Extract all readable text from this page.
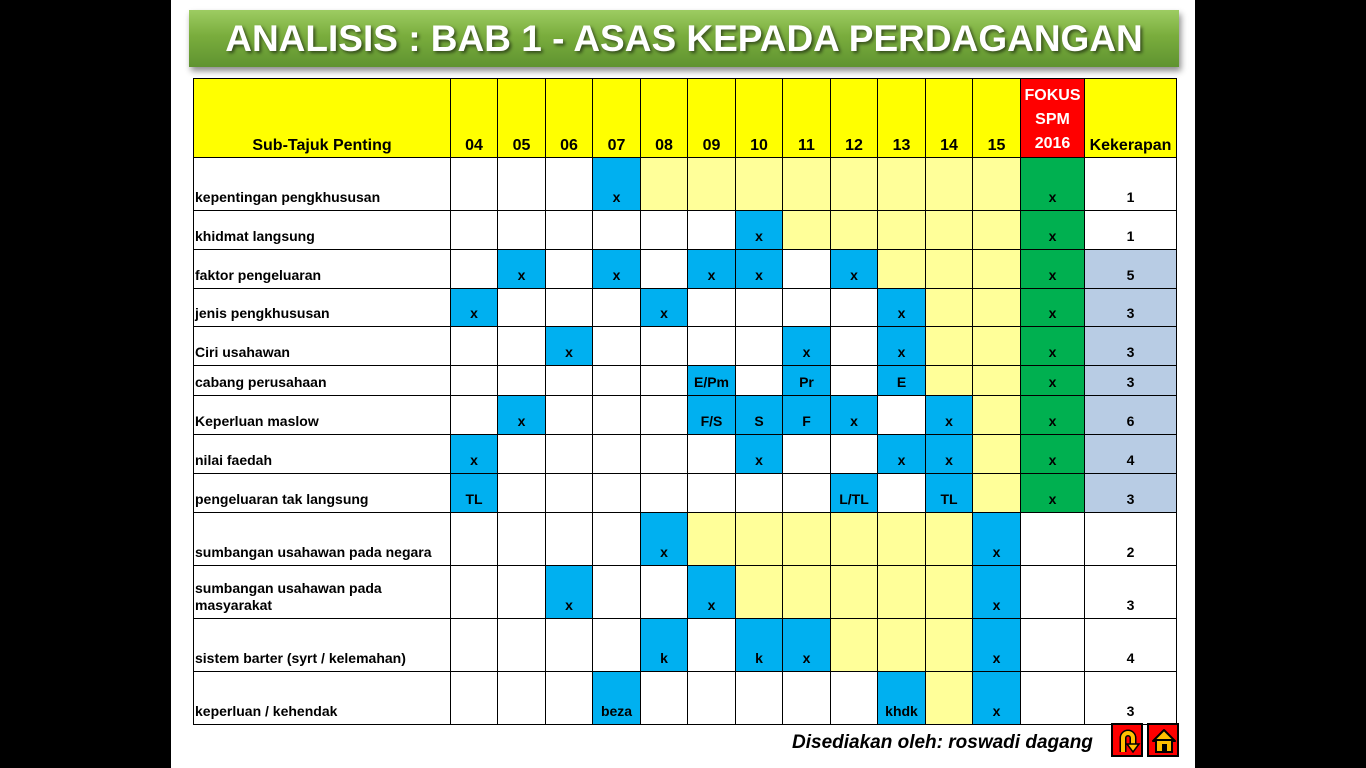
ANALISIS : BAB 1 - ASAS KEPADA PERDAGANGAN
Sub-Tajuk Penting	04	05	06	07	08	09	10	11	12	13	14	15	FOKUS SPM 2016	Kekerapan
kepentingan pengkhususan				x									x	1
khidmat langsung							x						x	1
faktor pengeluaran		x		x		x	x		x				x	5
jenis pengkhususan	x				x					x			x	3
Ciri usahawan			x					x		x			x	3
cabang perusahaan						E/Pm		Pr		E			x	3
Keperluan maslow		x				F/S	S	F	x		x		x	6
nilai faedah	x						x			x	x		x	4
pengeluaran tak langsung	TL								L/TL		TL		x	3
sumbangan usahawan pada negara					x							x		2
sumbangan usahawan pada masyarakat			x			x						x		3
sistem barter (syrt / kelemahan)					k		k	x				x		4
keperluan / kehendak				beza						khdk		x		3
Disediakan oleh: roswadi dagang
